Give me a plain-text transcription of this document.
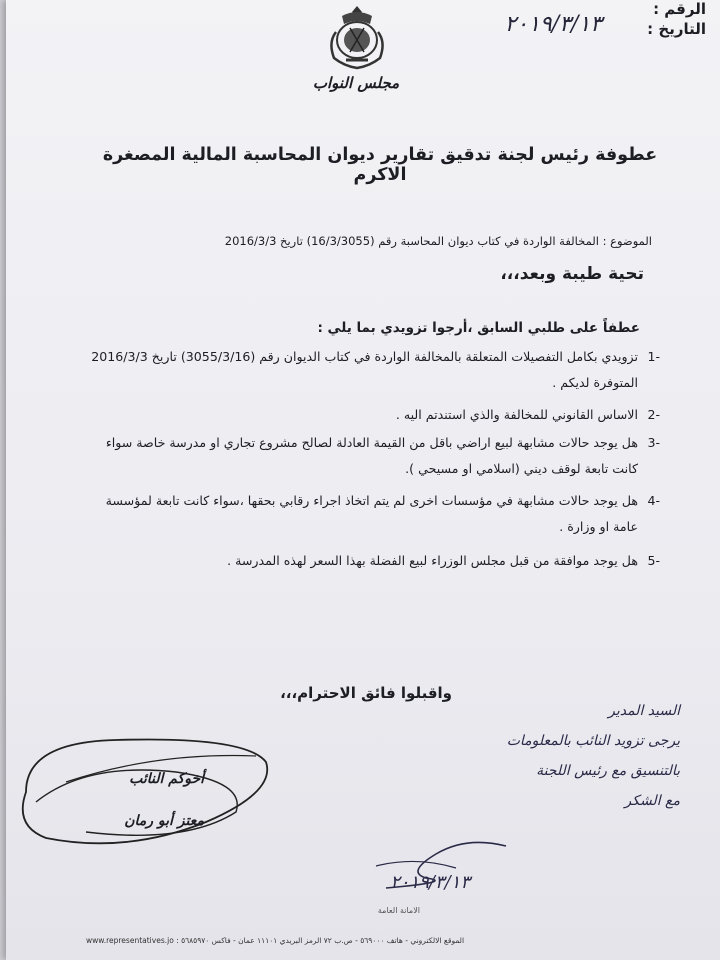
الرقم :
التاريخ :
٢٠١٩/٣/١٣
مجلس النواب
عطوفة رئيس لجنة تدقيق تقارير ديوان المحاسبة المالية المصغرة الاكرم
الموضوع : المخالفة الواردة في كتاب ديوان المحاسبة رقم (16/3/3055) تاريخ 2016/3/3
تحية طيبة وبعد،،،
عطفاً على طلبي السابق ،أرجوا تزويدي بما يلي :
-1
تزويدي بكامل التفصيلات المتعلقة بالمخالفة الواردة في كتاب الديوان رقم (3055/3/16) تاريخ 2016/3/3 المتوفرة لديكم .
-2
الاساس القانوني للمخالفة والذي استندتم اليه .
-3
هل يوجد حالات مشابهة لبيع اراضي باقل من القيمة العادلة لصالح مشروع تجاري او مدرسة خاصة سواء كانت تابعة لوقف ديني (اسلامي او مسيحي ).
-4
هل يوجد حالات مشابهة في مؤسسات اخرى لم يتم اتخاذ اجراء رقابي بحقها ،سواء كانت تابعة لمؤسسة عامة او وزارة .
-5
هل يوجد موافقة من قبل مجلس الوزراء لبيع الفضلة بهذا السعر لهذه المدرسة .
واقبلوا فائق الاحترام،،،
السيد المدير
يرجى تزويد النائب بالمعلومات
بالتنسيق مع رئيس اللجنة
مع الشكر
٢٠١٩/٣/١٣
أخوكم النائب
معتز أبو رمان
الامانة العامة
www.representatives.jo : الموقع الالكتروني - هاتف ٥٦٩٠٠٠ - ص.ب ٧٢ الرمز البريدي ١١١٠١ عمان - فاكس ٥٦٨٥٩٧٠
